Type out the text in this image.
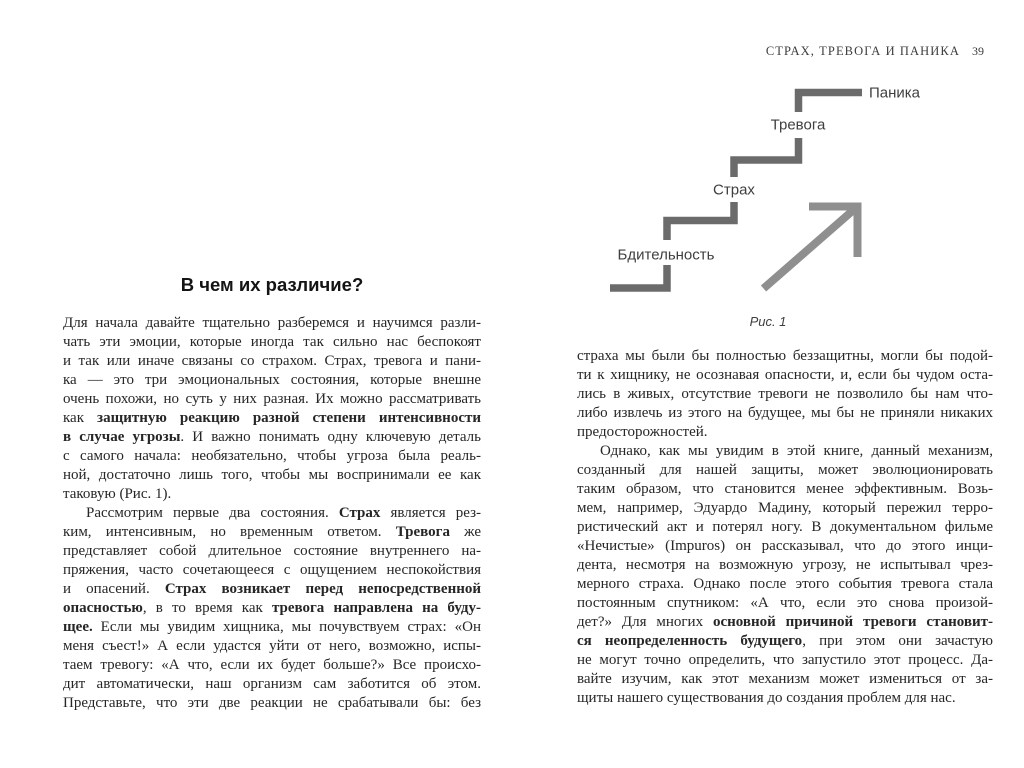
СТРАХ, ТРЕВОГА И ПАНИКА 39
Бдительность
Страх
Тревога
Паника
Рис. 1
В чем их различие?
Для начала давайте тщательно разберемся и научимся разли-
чать эти эмоции, которые иногда так сильно нас беспокоят
и так или иначе связаны со страхом. Страх, тревога и пани-
ка — это три эмоциональных состояния, которые внешне
очень похожи, но суть у них разная. Их можно рассматривать
как защитную реакцию разной степени интенсивности
в случае угрозы. И важно понимать одну ключевую деталь
с самого начала: необязательно, чтобы угроза была реаль-
ной, достаточно лишь того, чтобы мы воспринимали ее как
таковую (Рис. 1).
Рассмотрим первые два состояния. Страх является рез-
ким, интенсивным, но временным ответом. Тревога же
представляет собой длительное состояние внутреннего на-
пряжения, часто сочетающееся с ощущением неспокойствия
и опасений. Страх возникает перед непосредственной
опасностью, в то время как тревога направлена на буду-
щее. Если мы увидим хищника, мы почувствуем страх: «Он
меня съест!» А если удастся уйти от него, возможно, испы-
таем тревогу: «А что, если их будет больше?» Все происхо-
дит автоматически, наш организм сам заботится об этом.
Представьте, что эти две реакции не срабатывали бы: без
страха мы были бы полностью беззащитны, могли бы подой-
ти к хищнику, не осознавая опасности, и, если бы чудом оста-
лись в живых, отсутствие тревоги не позволило бы нам что-
либо извлечь из этого на будущее, мы бы не приняли никаких
предосторожностей.
Однако, как мы увидим в этой книге, данный механизм,
созданный для нашей защиты, может эволюционировать
таким образом, что становится менее эффективным. Возь-
мем, например, Эдуардо Мадину, который пережил терро-
ристический акт и потерял ногу. В документальном фильме
«Нечистые» (Impuros) он рассказывал, что до этого инци-
дента, несмотря на возможную угрозу, не испытывал чрез-
мерного страха. Однако после этого события тревога стала
постоянным спутником: «А что, если это снова произой-
дет?» Для многих основной причиной тревоги становит-
ся неопределенность будущего, при этом они зачастую
не могут точно определить, что запустило этот процесс. Да-
вайте изучим, как этот механизм может измениться от за-
щиты нашего существования до создания проблем для нас.
